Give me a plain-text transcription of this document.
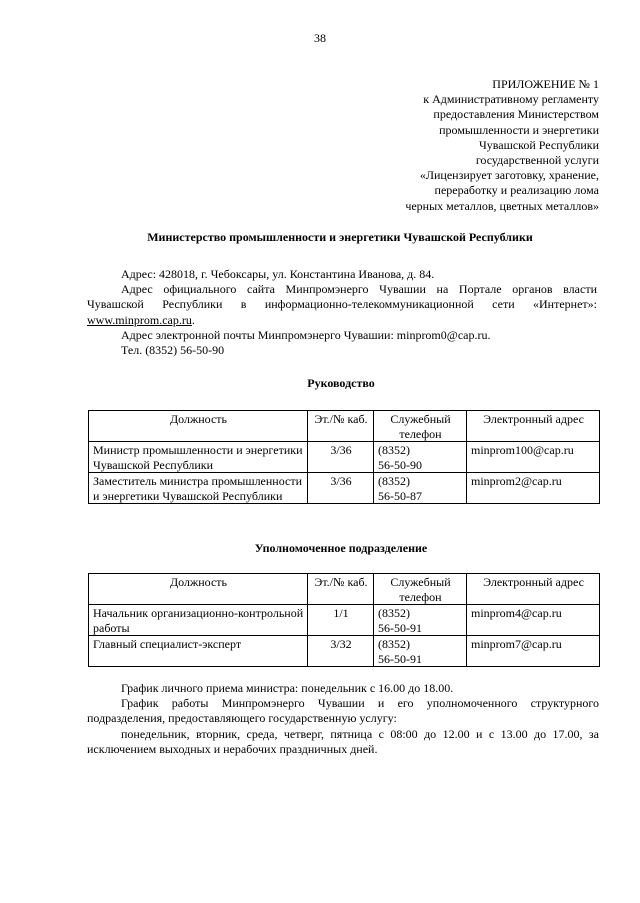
38
ПРИЛОЖЕНИЕ № 1
к Административному регламенту
предоставления Министерством
промышленности и энергетики
Чувашской Республики
государственной услуги
«Лицензирует заготовку, хранение,
переработку и реализацию лома
черных металлов, цветных металлов»
Министерство промышленности и энергетики Чувашской Республики

Адрес: 428018, г. Чебоксары, ул. Константина Иванова, д. 84.

Адрес официального сайта Минпромэнерго Чувашии на Портале органов власти

Чувашской Республики в информационно-телекоммуникационной сети «Интернет»:

www.minprom.cap.ru.

Адрес электронной почты Минпромэнерго Чувашии: minprom0@cap.ru.

Тел. (8352) 56-50-90

Руководство
Должность	Эт./№ каб.	Служебный телефон	Электронный адрес
Министр промышленности и энергетики Чувашской Республики	3/36	(8352)
56-50-90	minprom100@cap.ru
Заместитель министра промышленности и энергетики Чувашской Республики	3/36	(8352)
56-50-87	minprom2@cap.ru
Уполномоченное подразделение
Должность	Эт./№ каб.	Служебный телефон	Электронный адрес
Начальник организационно-контрольной работы	1/1	(8352)
56-50-91	minprom4@cap.ru
Главный специалист-эксперт	3/32	(8352)
56-50-91	minprom7@cap.ru

График личного приема министра: понедельник с 16.00 до 18.00.

График работы Минпромэнерго Чувашии и его уполномоченного структурного

подразделения, предоставляющего государственную услугу:

понедельник, вторник, среда, четверг, пятница с 08:00 до 12.00 и с 13.00 до 17.00, за

исключением выходных и нерабочих праздничных дней.
